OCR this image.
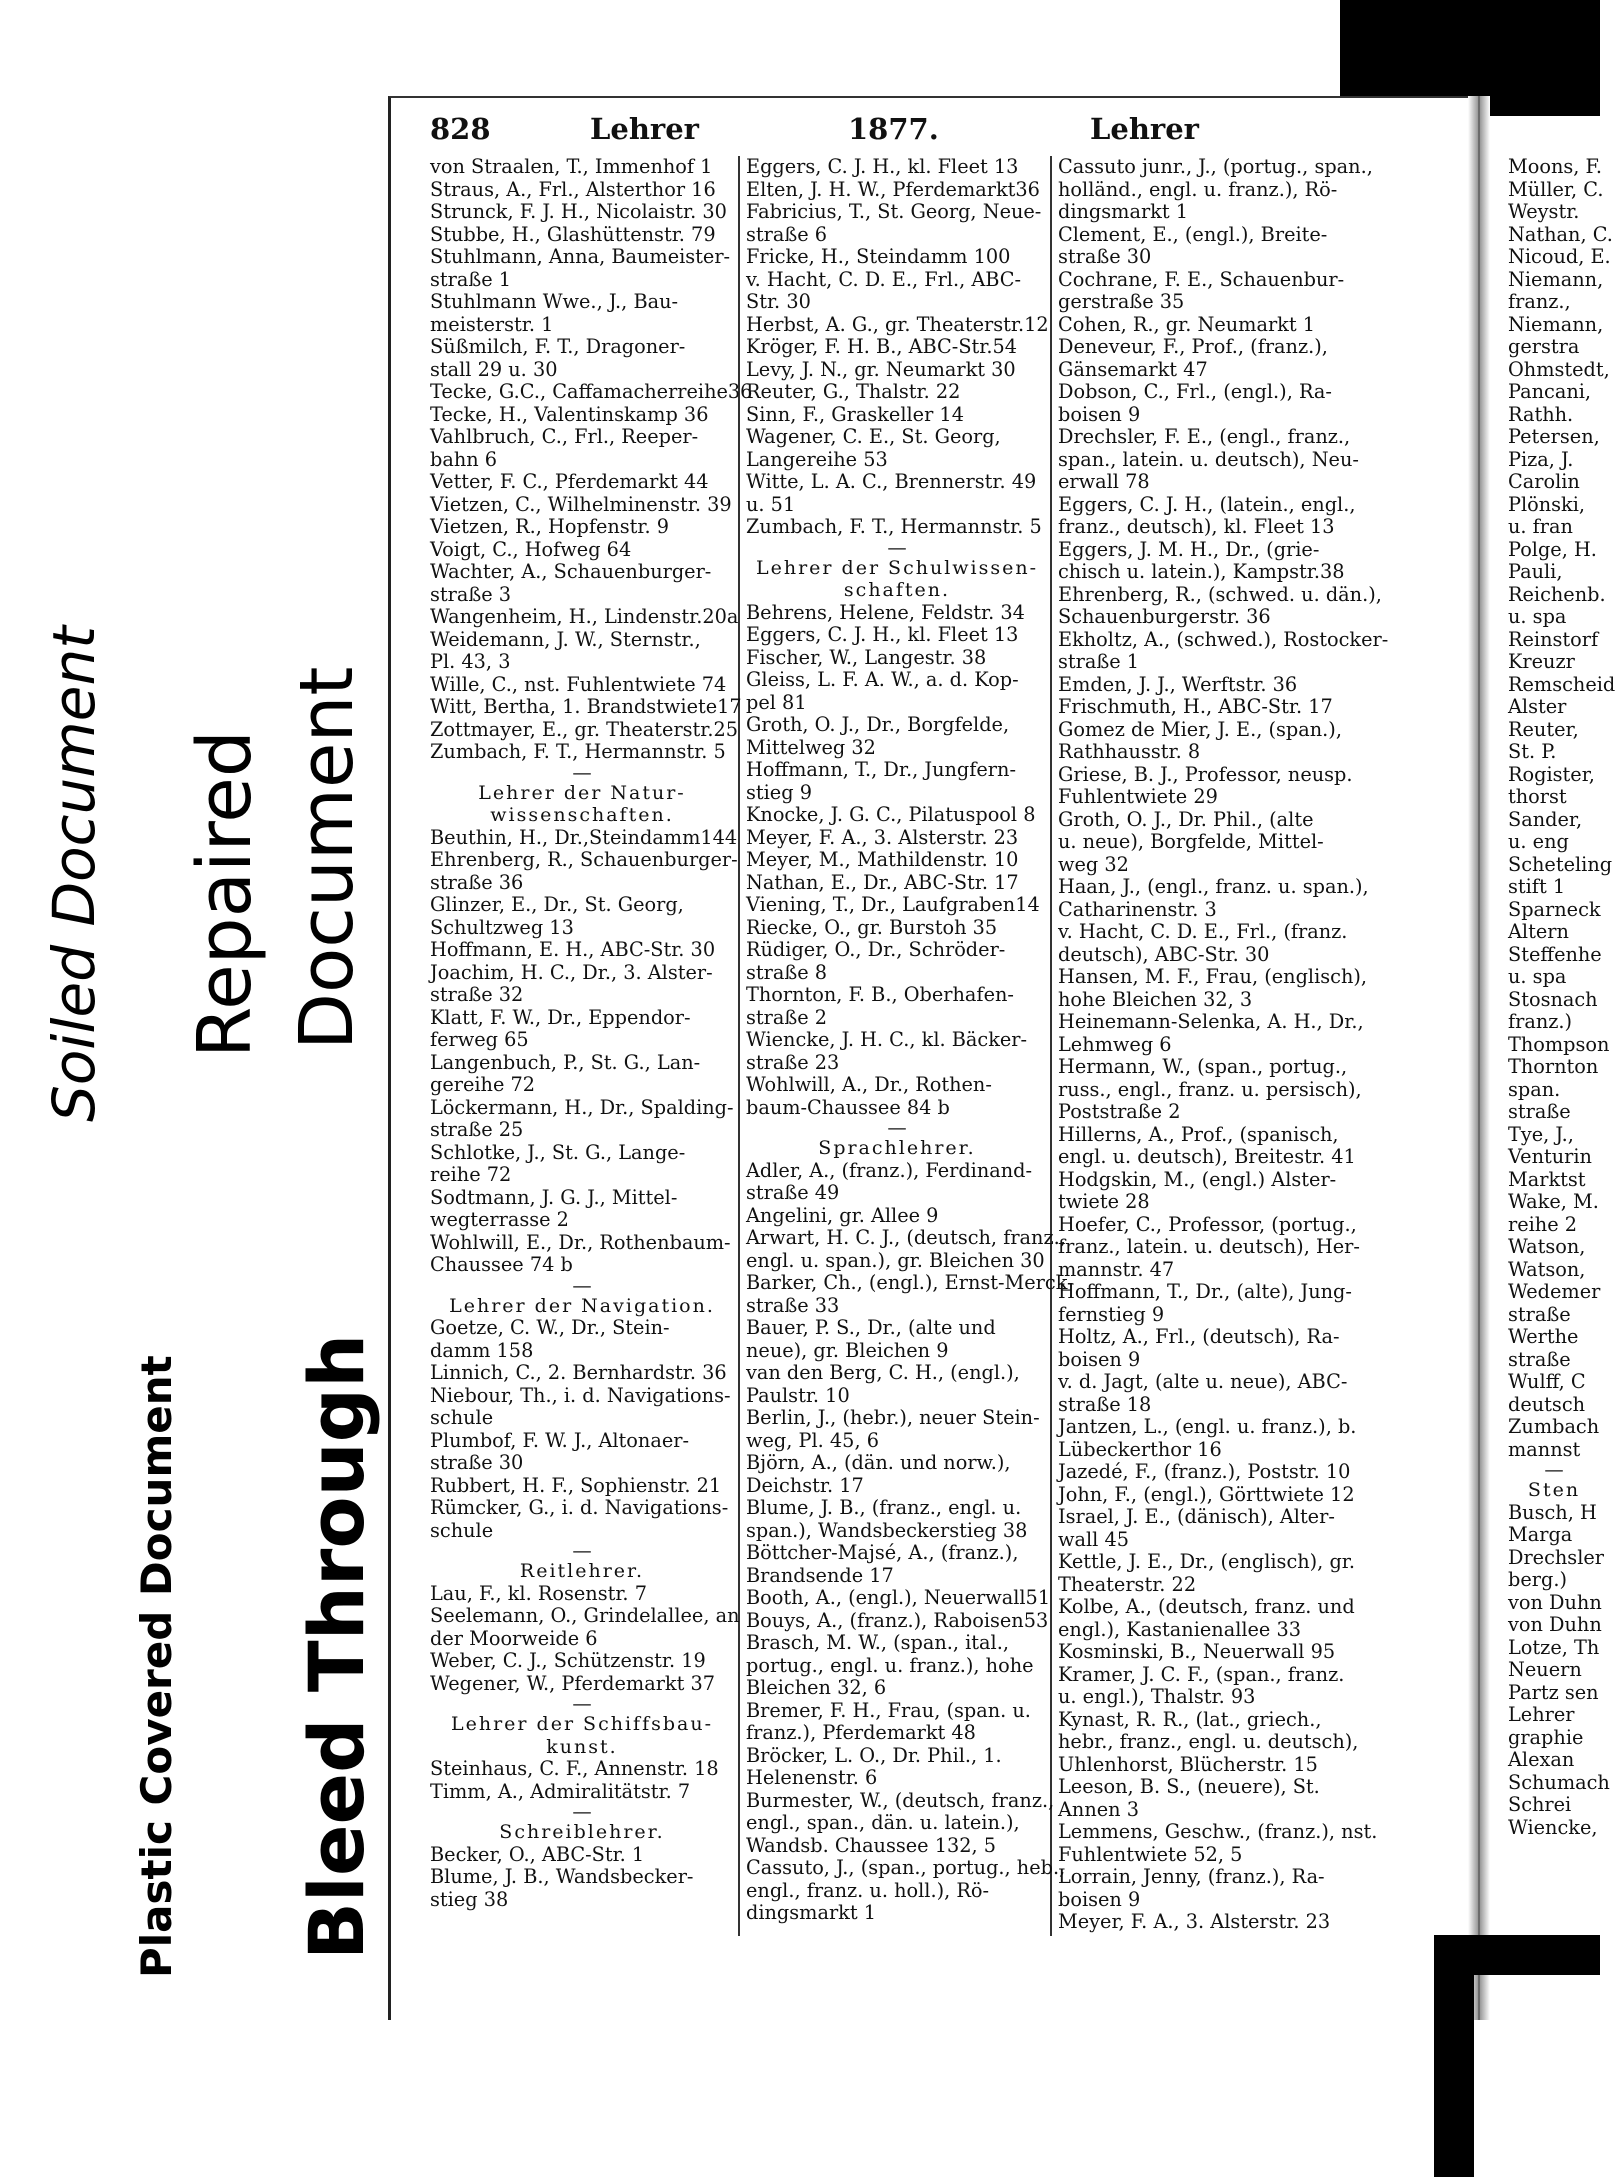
Soiled Document Repaired Document
Plastic Covered Document Bleed Through
828	Lehrer	1877.	Lehrer
von Straalen, T., Immenhof 1
Straus, A., Frl., Alsterthor 16
Strunck, F. J. H., Nicolaistr. 30
Stubbe, H., Glashüttenstr. 79
Stuhlmann, Anna, Baumeister-
straße 1
Stuhlmann Wwe., J., Bau-
meisterstr. 1
Süßmilch, F. T., Dragoner-
stall 29 u. 30
Tecke, G.C., Caffamacherreihe36
Tecke, H., Valentinskamp 36
Vahlbruch, C., Frl., Reeper-
bahn 6
Vetter, F. C., Pferdemarkt 44
Vietzen, C., Wilhelminenstr. 39
Vietzen, R., Hopfenstr. 9
Voigt, C., Hofweg 64
Wachter, A., Schauenburger-
straße 3
Wangenheim, H., Lindenstr.20a
Weidemann, J. W., Sternstr.,
Pl. 43, 3
Wille, C., nst. Fuhlentwiete 74
Witt, Bertha, 1. Brandstwiete17
Zottmayer, E., gr. Theaterstr.25
Zumbach, F. T., Hermannstr. 5
—
Lehrer der Natur-
wissenschaften.
Beuthin, H., Dr.,Steindamm144
Ehrenberg, R., Schauenburger-
straße 36
Glinzer, E., Dr., St. Georg,
Schultzweg 13
Hoffmann, E. H., ABC-Str. 30
Joachim, H. C., Dr., 3. Alster-
straße 32
Klatt, F. W., Dr., Eppendor-
ferweg 65
Langenbuch, P., St. G., Lan-
gereihe 72
Löckermann, H., Dr., Spalding-
straße 25
Schlotke, J., St. G., Lange-
reihe 72
Sodtmann, J. G. J., Mittel-
wegterrasse 2
Wohlwill, E., Dr., Rothenbaum-
Chaussee 74 b
—
Lehrer der Navigation.
Goetze, C. W., Dr., Stein-
damm 158
Linnich, C., 2. Bernhardstr. 36
Niebour, Th., i. d. Navigations-
schule
Plumbof, F. W. J., Altonaer-
straße 30
Rubbert, H. F., Sophienstr. 21
Rümcker, G., i. d. Navigations-
schule
—
Reitlehrer.
Lau, F., kl. Rosenstr. 7
Seelemann, O., Grindelallee, an
der Moorweide 6
Weber, C. J., Schützenstr. 19
Wegener, W., Pferdemarkt 37
—
Lehrer der Schiffsbau-
kunst.
Steinhaus, C. F., Annenstr. 18
Timm, A., Admiralitätstr. 7
—
Schreiblehrer.
Becker, O., ABC-Str. 1
Blume, J. B., Wandsbecker-
stieg 38
Eggers, C. J. H., kl. Fleet 13
Elten, J. H. W., Pferdemarkt36
Fabricius, T., St. Georg, Neue-
straße 6
Fricke, H., Steindamm 100
v. Hacht, C. D. E., Frl., ABC-
Str. 30
Herbst, A. G., gr. Theaterstr.12
Kröger, F. H. B., ABC-Str.54
Levy, J. N., gr. Neumarkt 30
Reuter, G., Thalstr. 22
Sinn, F., Graskeller 14
Wagener, C. E., St. Georg,
Langereihe 53
Witte, L. A. C., Brennerstr. 49
u. 51
Zumbach, F. T., Hermannstr. 5
—
Lehrer der Schulwissen-
schaften.
Behrens, Helene, Feldstr. 34
Eggers, C. J. H., kl. Fleet 13
Fischer, W., Langestr. 38
Gleiss, L. F. A. W., a. d. Kop-
pel 81
Groth, O. J., Dr., Borgfelde,
Mittelweg 32
Hoffmann, T., Dr., Jungfern-
stieg 9
Knocke, J. G. C., Pilatuspool 8
Meyer, F. A., 3. Alsterstr. 23
Meyer, M., Mathildenstr. 10
Nathan, E., Dr., ABC-Str. 17
Viening, T., Dr., Laufgraben14
Riecke, O., gr. Burstoh 35
Rüdiger, O., Dr., Schröder-
straße 8
Thornton, F. B., Oberhafen-
straße 2
Wiencke, J. H. C., kl. Bäcker-
straße 23
Wohlwill, A., Dr., Rothen-
baum-Chaussee 84 b
—
Sprachlehrer.
Adler, A., (franz.), Ferdinand-
straße 49
Angelini, gr. Allee 9
Arwart, H. C. J., (deutsch, franz.,
engl. u. span.), gr. Bleichen 30
Barker, Ch., (engl.), Ernst-Merck-
straße 33
Bauer, P. S., Dr., (alte und
neue), gr. Bleichen 9
van den Berg, C. H., (engl.),
Paulstr. 10
Berlin, J., (hebr.), neuer Stein-
weg, Pl. 45, 6
Björn, A., (dän. und norw.),
Deichstr. 17
Blume, J. B., (franz., engl. u.
span.), Wandsbeckerstieg 38
Böttcher-Majsé, A., (franz.),
Brandsende 17
Booth, A., (engl.), Neuerwall51
Bouys, A., (franz.), Raboisen53
Brasch, M. W., (span., ital.,
portug., engl. u. franz.), hohe
Bleichen 32, 6
Bremer, F. H., Frau, (span. u.
franz.), Pferdemarkt 48
Bröcker, L. O., Dr. Phil., 1.
Helenenstr. 6
Burmester, W., (deutsch, franz.,
engl., span., dän. u. latein.),
Wandsb. Chaussee 132, 5
Cassuto, J., (span., portug., heb.,
engl., franz. u. holl.), Rö-
dingsmarkt 1
Cassuto junr., J., (portug., span.,
holländ., engl. u. franz.), Rö-
dingsmarkt 1
Clement, E., (engl.), Breite-
straße 30
Cochrane, F. E., Schauenbur-
gerstraße 35
Cohen, R., gr. Neumarkt 1
Deneveur, F., Prof., (franz.),
Gänsemarkt 47
Dobson, C., Frl., (engl.), Ra-
boisen 9
Drechsler, F. E., (engl., franz.,
span., latein. u. deutsch), Neu-
erwall 78
Eggers, C. J. H., (latein., engl.,
franz., deutsch), kl. Fleet 13
Eggers, J. M. H., Dr., (grie-
chisch u. latein.), Kampstr.38
Ehrenberg, R., (schwed. u. dän.),
Schauenburgerstr. 36
Ekholtz, A., (schwed.), Rostocker-
straße 1
Emden, J. J., Werftstr. 36
Frischmuth, H., ABC-Str. 17
Gomez de Mier, J. E., (span.),
Rathhausstr. 8
Griese, B. J., Professor, neusp.
Fuhlentwiete 29
Groth, O. J., Dr. Phil., (alte
u. neue), Borgfelde, Mittel-
weg 32
Haan, J., (engl., franz. u. span.),
Catharinenstr. 3
v. Hacht, C. D. E., Frl., (franz.
deutsch), ABC-Str. 30
Hansen, M. F., Frau, (englisch),
hohe Bleichen 32, 3
Heinemann-Selenka, A. H., Dr.,
Lehmweg 6
Hermann, W., (span., portug.,
russ., engl., franz. u. persisch),
Poststraße 2
Hillerns, A., Prof., (spanisch,
engl. u. deutsch), Breitestr. 41
Hodgskin, M., (engl.) Alster-
twiete 28
Hoefer, C., Professor, (portug.,
franz., latein. u. deutsch), Her-
mannstr. 47
Hoffmann, T., Dr., (alte), Jung-
fernstieg 9
Holtz, A., Frl., (deutsch), Ra-
boisen 9
v. d. Jagt, (alte u. neue), ABC-
straße 18
Jantzen, L., (engl. u. franz.), b.
Lübeckerthor 16
Jazedé, F., (franz.), Poststr. 10
John, F., (engl.), Görttwiete 12
Israel, J. E., (dänisch), Alter-
wall 45
Kettle, J. E., Dr., (englisch), gr.
Theaterstr. 22
Kolbe, A., (deutsch, franz. und
engl.), Kastanienallee 33
Kosminski, B., Neuerwall 95
Kramer, J. C. F., (span., franz.
u. engl.), Thalstr. 93
Kynast, R. R., (lat., griech.,
hebr., franz., engl. u. deutsch),
Uhlenhorst, Blücherstr. 15
Leeson, B. S., (neuere), St.
Annen 3
Lemmens, Geschw., (franz.), nst.
Fuhlentwiete 52, 5
Lorrain, Jenny, (franz.), Ra-
boisen 9
Meyer, F. A., 3. Alsterstr. 23
Moons, F.
Müller, C.
Weystr.
Nathan, C.
Nicoud, E.
Niemann,
franz.,
Niemann,
gerstra
Ohmstedt,
Pancani,
Rathh.
Petersen,
Piza, J.
Carolin
Plönski,
u. fran
Polge, H.
Pauli,
Reichenb.
u. spa
Reinstorf
Kreuzr
Remscheid
Alster
Reuter,
St. P.
Rogister,
thorst
Sander,
u. eng
Scheteling
stift 1
Sparneck
Altern
Steffenhe
u. spa
Stosnach
franz.)
Thompson
Thornton
span.
straße
Tye, J.,
Venturin
Marktst
Wake, M.
reihe 2
Watson,
Watson,
Wedemer
straße
Werthe
straße
Wulff, C
deutsch
Zumbach
mannst
—
Sten
Busch, H
Marga
Drechsler
berg.)
von Duhn
von Duhn
Lotze, Th
Neuern
Partz sen
Lehrer
graphie
Alexan
Schumach
Schrei
Wiencke,
